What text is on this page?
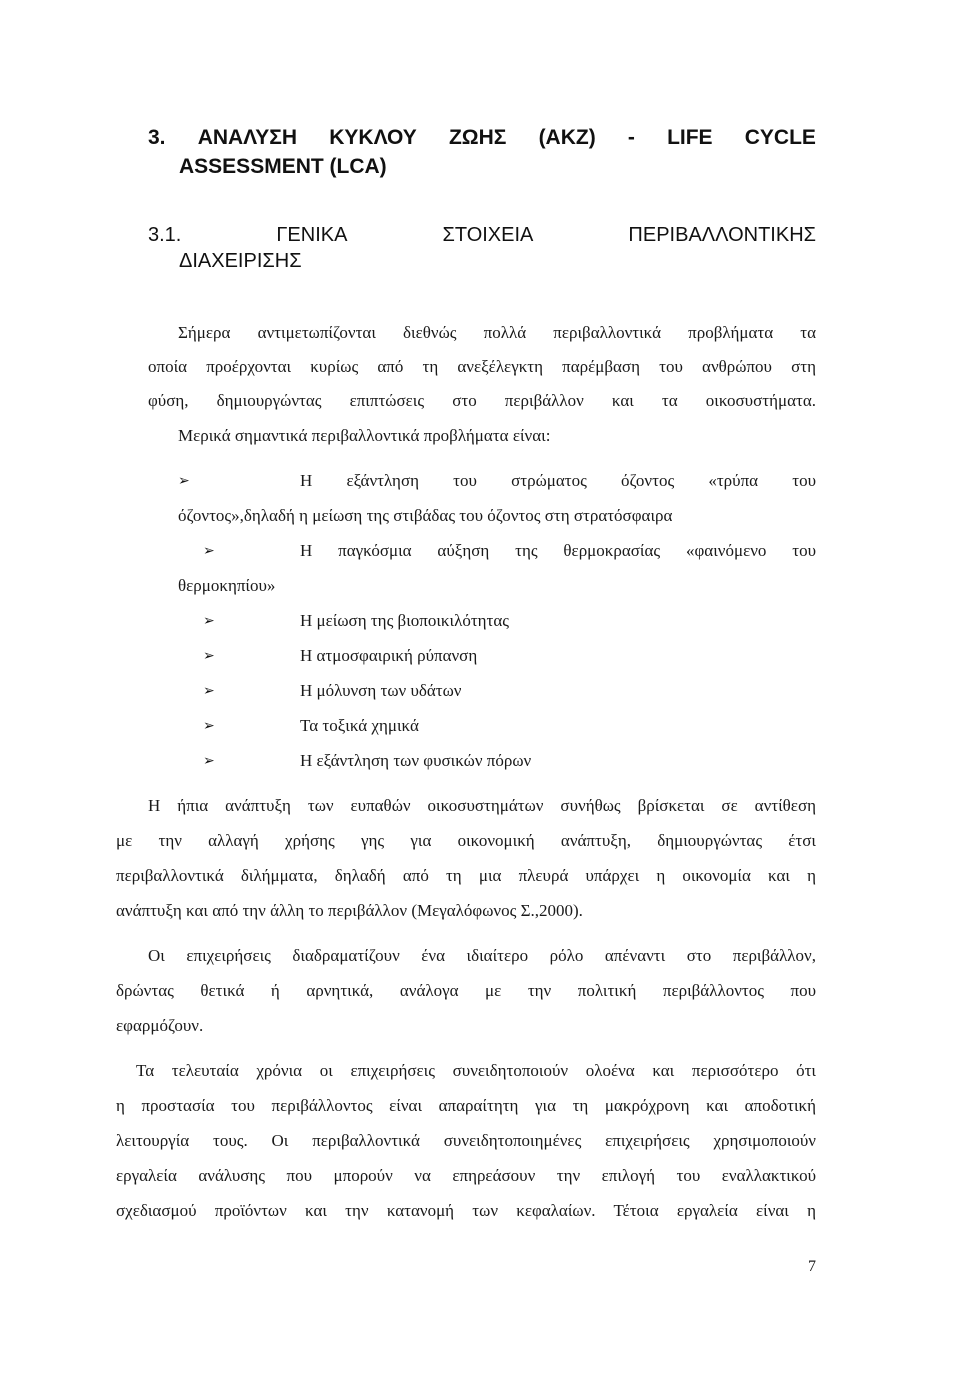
3. ΑΝΑΛΥΣΗ ΚΥΚΛΟΥ ΖΩΗΣ (ΑΚΖ) - LIFE CYCLE
ASSESSMENT (LCA)
3.1.	ΓΕΝΙΚΑ	ΣΤΟΙΧΕΙΑ	ΠΕΡΙΒΑΛΛΟΝΤΙΚΗΣ
ΔΙΑΧΕΙΡΙΣΗΣ
Σήμερα αντιμετωπίζονται διεθνώς πολλά περιβαλλοντικά προβλήματα τα
οποία προέρχονται κυρίως από τη ανεξέλεγκτη παρέμβαση του ανθρώπου στη
φύση, δημιουργώντας επιπτώσεις στο περιβάλλον και τα οικοσυστήματα.
Μερικά σημαντικά περιβαλλοντικά προβλήματα είναι:
➢	Η εξάντληση του στρώματος όζοντος «τρύπα του
όζοντος»,δηλαδή η μείωση της στιβάδας του όζοντος στη στρατόσφαιρα
➢	Η παγκόσμια αύξηση της θερμοκρασίας «φαινόμενο του
θερμοκηπίου»
➢	Η μείωση της βιοποικιλότητας
➢	Η ατμοσφαιρική ρύπανση
➢	Η μόλυνση των υδάτων
➢	Τα τοξικά χημικά
➢	Η εξάντληση των φυσικών πόρων
Η ήπια ανάπτυξη των ευπαθών οικοσυστημάτων συνήθως βρίσκεται σε αντίθεση
με την αλλαγή χρήσης γης για οικονομική ανάπτυξη, δημιουργώντας έτσι
περιβαλλοντικά διλήμματα, δηλαδή από τη μια πλευρά υπάρχει η οικονομία και η
ανάπτυξη και από την άλλη το περιβάλλον (Μεγαλόφωνος Σ.,2000).
Οι επιχειρήσεις διαδραματίζουν ένα ιδιαίτερο ρόλο απέναντι στο περιβάλλον,
δρώντας θετικά ή αρνητικά, ανάλογα με την πολιτική περιβάλλοντος που
εφαρμόζουν.
Τα τελευταία χρόνια οι επιχειρήσεις συνειδητοποιούν ολοένα και περισσότερο ότι
η προστασία του περιβάλλοντος είναι απαραίτητη για τη μακρόχρονη και αποδοτική
λειτουργία τους. Οι περιβαλλοντικά συνειδητοποιημένες επιχειρήσεις χρησιμοποιούν
εργαλεία ανάλυσης που μπορούν να επηρεάσουν την επιλογή του εναλλακτικού
σχεδιασμού προϊόντων και την κατανομή των κεφαλαίων. Τέτοια εργαλεία είναι η
7
